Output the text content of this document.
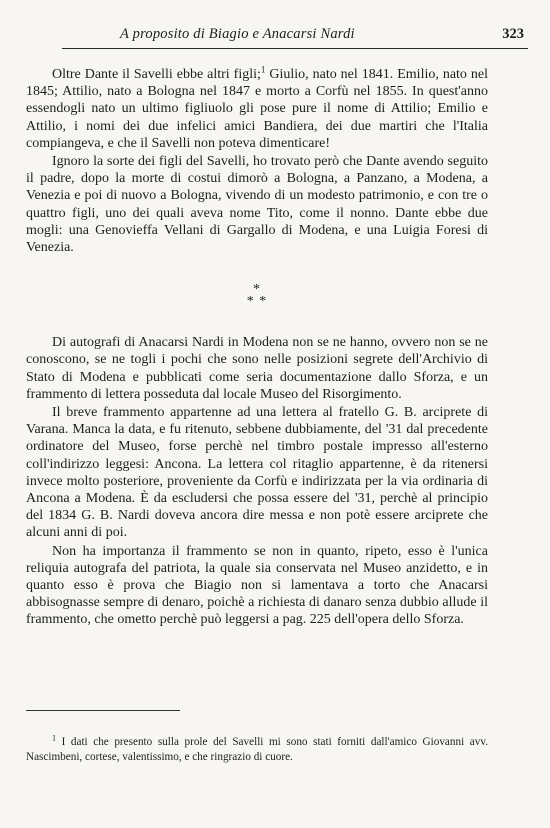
A proposito di Biagio e Anacarsi Nardi	323

Oltre Dante il Savelli ebbe altri figli;$^1$ Giulio, nato nel 1841. Emilio, nato nel 1845; Attilio, nato a Bologna nel 1847 e morto a Corfù nel 1855. In quest'anno essendogli nato un ultimo figliuolo gli pose pure il nome di Attilio; Emilio e Attilio, i nomi dei due infelici amici Bandiera, dei due martiri che l'Italia compiangeva, e che il Savelli non poteva dimenticare!

Ignoro la sorte dei figli del Savelli, ho trovato però che Dante avendo seguito il padre, dopo la morte di costui dimorò a Bologna, a Panzano, a Modena, a Venezia e poi di nuovo a Bologna, vivendo di un modesto patrimonio, e con tre o quattro figli, uno dei quali aveva nome Tito, come il nonno. Dante ebbe due mogli: una Genovieffa Vellani di Gargallo di Modena, e una Luigia Foresi di Venezia.

*
* *

Di autografi di Anacarsi Nardi in Modena non se ne hanno, ovvero non se ne conoscono, se ne togli i pochi che sono nelle posizioni segrete dell'Archivio di Stato di Modena e pubblicati come seria documentazione dallo Sforza, e un frammento di lettera posseduta dal locale Museo del Risorgimento.

Il breve frammento appartenne ad una lettera al fratello G. B. arciprete di Varana. Manca la data, e fu ritenuto, sebbene dubbiamente, del '31 dal precedente ordinatore del Museo, forse perchè nel timbro postale impresso all'esterno coll'indirizzo leggesi: Ancona. La lettera col ritaglio appartenne, è da ritenersi invece molto posteriore, proveniente da Corfù e indirizzata per la via ordinaria di Ancona a Modena. È da escludersi che possa essere del '31, perchè al principio del 1834 G. B. Nardi doveva ancora dire messa e non potè essere arciprete che alcuni anni di poi.

Non ha importanza il frammento se non in quanto, ripeto, esso è l'unica reliquia autografa del patriota, la quale sia conservata nel Museo anzidetto, e in quanto esso è prova che Biagio non si lamentava a torto che Anacarsi abbisognasse sempre di denaro, poichè a richiesta di danaro senza dubbio allude il frammento, che ometto perchè può leggersi a pag. 225 dell'opera dello Sforza.

$^1$ I dati che presento sulla prole del Savelli mi sono stati forniti dall'amico Giovanni avv. Nascimbeni, cortese, valentissimo, e che ringrazio di cuore.
